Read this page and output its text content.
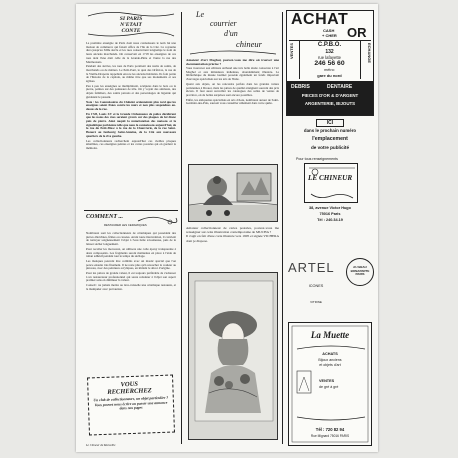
SI PARIS
N'ETAIT
CONTE

La première enseigne de Paris dont nous connaissons le nom fut une maison de commerce qui faisait office de l'Ile de la Cité. Ce royaume dura jusqu'au XIIIe siècle et les rues conservèrent longtemps le nom de leurs anciens marchands. On conservait en 1718 les enseignes de ces rues dont l'une était celle de la Grande-Pinte et l'autre la rue des Marmousets.

Pendant des siècles, les rues de Paris portèrent des noms de saints, de marchands ou de métiers. Le Petit-Pont, le quai des Orfèvres, la rue de la Vieille-Draperie rappellent encore les anciens habitants. Ils font partie de l'histoire de la capitale, au même titre que ses monuments et ses églises.

Peu à peu les enseignes se multiplièrent, sculptées dans le bois ou la pierre, peintes sur des panneaux de tôle. On y voyait des animaux, des objets familiers, des saints patrons et des personnages de légende qui guidaient le passant.

Note : les Commissaires du Châtelet ordonnèrent plus tard que les enseignes soient fixées contre les murs et non plus suspendues au-dessus de la rue.

En 1728, Louis XV et la Grande Ordonnance de police décidèrent que les noms des rues seraient gravés sur des plaques de fer-blanc puis de pierre. Ainsi naquit la numérotation des maisons et la signalétique parisienne telle que nous la connaissons aujourd'hui, de la rue du Petit-Musc à la rue de la Chanvrerie, de la rue Saint-Honoré au faubourg Saint-Antoine, de la Cité aux nouveaux quartiers de la rive gauche.

Les collectionneurs recherchent aujourd'hui ces vieilles plaques émaillées, ces enseignes peintes et les cartes postales qui en gardent la mémoire.

COMMENT ...
RESTAURER LES CERAMIQUES

Nombreux sont les collectionneurs de céramiques qui possèdent des pièces ébréchées, fêlées ou cassées. Avant toute intervention, il convient de nettoyer soigneusement l'objet à l'eau tiède savonneuse, puis de le laisser sécher longuement.

Pour recoller les morceaux, on utilisera une colle époxy transparente à deux composants. Les fragments seront maintenus en place à l'aide de ruban adhésif pendant tout le temps du séchage.

Les manques peuvent être comblés avec un mastic spécial que l'on ponce ensuite très finement. Il ne reste plus qu'à retoucher la couleur au pinceau, avec des peintures acryliques, en imitant le décor d'origine.

Pour les pièces de grande valeur, il est toujours préférable de s'adresser à un restaurateur professionnel qui saura redonner à l'objet son aspect premier sans en diminuer la valeur.

Conseil : ne jamais mettre au lave-vaisselle une céramique restaurée, et la manipuler avec précaution.

VOUS
RECHERCHEZ
Un club de collectionneurs, un objet particulier ? Vous pouvez nous écrire ou passer une annonce dans nos pages
Le Chineur de Marseille
Le
courrier
d'un
chineur

Amateur d'art Moghol, pouvez-vous me dire où trouver une documentation précise ?

Vous trouverez aux éditions Arthaud une très belle étude consacrée à l'art Moghol et aux miniatures indiennes, abondamment illustrée. La bibliothèque du musée Guimet possède également un fonds important d'ouvrages spécialisés sur les arts de l'Inde.

Quant aux objets, on les rencontre parfois dans les grandes ventes parisiennes à Drouot, mais les pièces de qualité atteignent souvent des prix élevés. Il faut aussi surveiller les catalogues des salles de ventes de province, où de belles surprises sont encore possibles.

Enfin, les antiquaires spécialisés en arts d'Asie, nombreux autour de Saint-Germain-des-Prés, sauront vous conseiller utilement dans votre quête.

Amateur collectionneur de cartes postales, pouvez-vous me renseigner sur cette illustration contemporaine de MUCHA ?

Il s'agit en fait d'une carte illustrée vers 1905 et signée VICHERA dont je dispose.

ACHAT
OR
CASH
+ CHER
VENTES	ECHANGE
C.P.B.O.
132
rue lafayette
246 56 60
métro:
gare du nord
DEBRIS	DENTAIRE
PIECES D'OR & D'ARGENT
ARGENTERIE, BIJOUTS
ICI
dans le prochain numéro
l'emplacement
de votre publicité
Pour tous renseignements
LE CHINEUR
38, avenue Victor Hugo
75016 Paris
Tél : 240.34.19
ARTEL
ICONES
VITRINE
AU BEAU
BONAPARTE
PARIS
La Muette
ACHATS
Bijoux anciens
et objets d'art
VENTES
de gré à gré
Tél : 720 82 94
Rue Mignard 75016 PARIS
